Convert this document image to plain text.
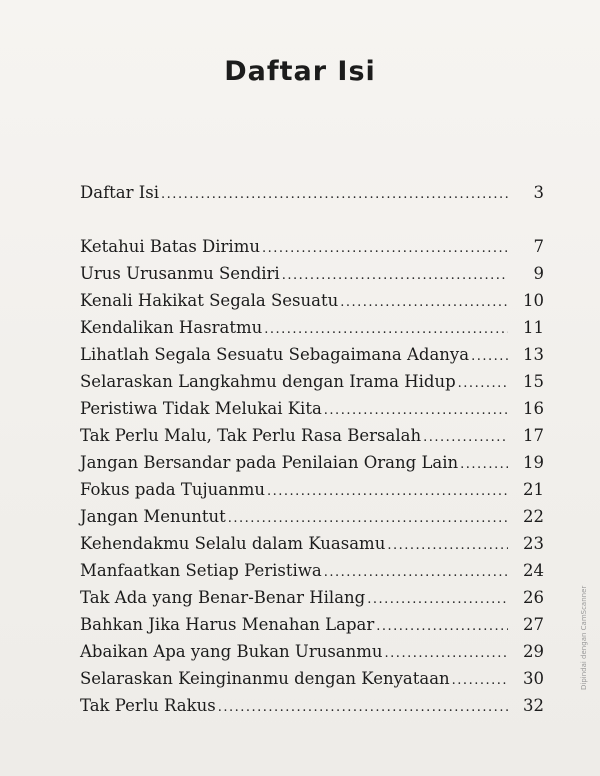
Daftar Isi
Daftar Isi .....	3
Ketahui Batas Dirimu .....	7
Urus Urusanmu Sendiri .....	9
Kenali Hakikat Segala Sesuatu .....	10
Kendalikan Hasratmu .....	11
Lihatlah Segala Sesuatu Sebagaimana Adanya .....	13
Selaraskan Langkahmu dengan Irama Hidup .....	15
Peristiwa Tidak Melukai Kita .....	16
Tak Perlu Malu, Tak Perlu Rasa Bersalah .....	17
Jangan Bersandar pada Penilaian Orang Lain .....	19
Fokus pada Tujuanmu .....	21
Jangan Menuntut .....	22
Kehendakmu Selalu dalam Kuasamu .....	23
Manfaatkan Setiap Peristiwa .....	24
Tak Ada yang Benar-Benar Hilang .....	26
Bahkan Jika Harus Menahan Lapar .....	27
Abaikan Apa yang Bukan Urusanmu .....	29
Selaraskan Keinginanmu dengan Kenyataan .....	30
Tak Perlu Rakus .....	32
Dipindai dengan CamScanner
